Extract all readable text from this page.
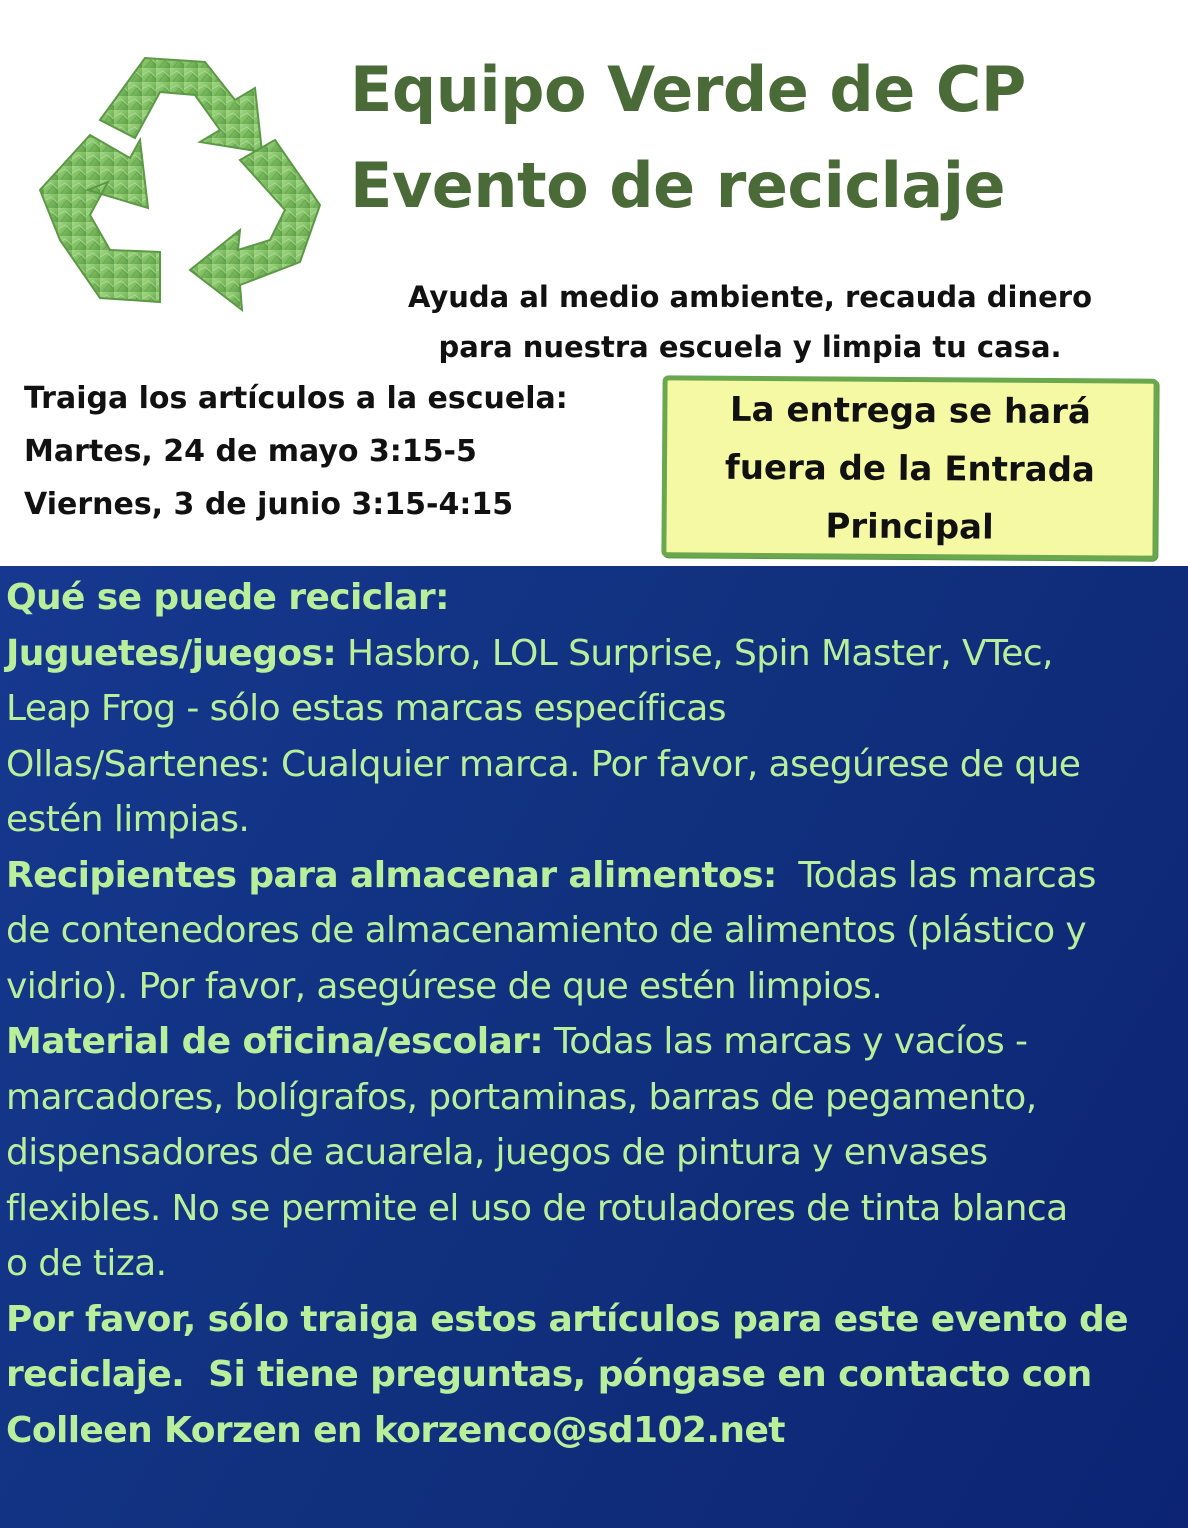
Equipo Verde de CP
Evento de reciclaje
Ayuda al medio ambiente, recauda dinero
para nuestra escuela y limpia tu casa.
Traiga los artículos a la escuela:
Martes, 24 de mayo 3:15-5
Viernes, 3 de junio 3:15-4:15
La entrega se hará
fuera de la Entrada
Principal
Qué se puede reciclar:
Juguetes/juegos: Hasbro, LOL Surprise, Spin Master, VTec,
Leap Frog - sólo estas marcas específicas
Ollas/Sartenes: Cualquier marca. Por favor, asegúrese de que
estén limpias.
Recipientes para almacenar alimentos:  Todas las marcas
de contenedores de almacenamiento de alimentos (plástico y
vidrio). Por favor, asegúrese de que estén limpios.
Material de oficina/escolar: Todas las marcas y vacíos -
marcadores, bolígrafos, portaminas, barras de pegamento,
dispensadores de acuarela, juegos de pintura y envases
flexibles. No se permite el uso de rotuladores de tinta blanca
o de tiza.
Por favor, sólo traiga estos artículos para este evento de
reciclaje.  Si tiene preguntas, póngase en contacto con
Colleen Korzen en korzenco@sd102.net
